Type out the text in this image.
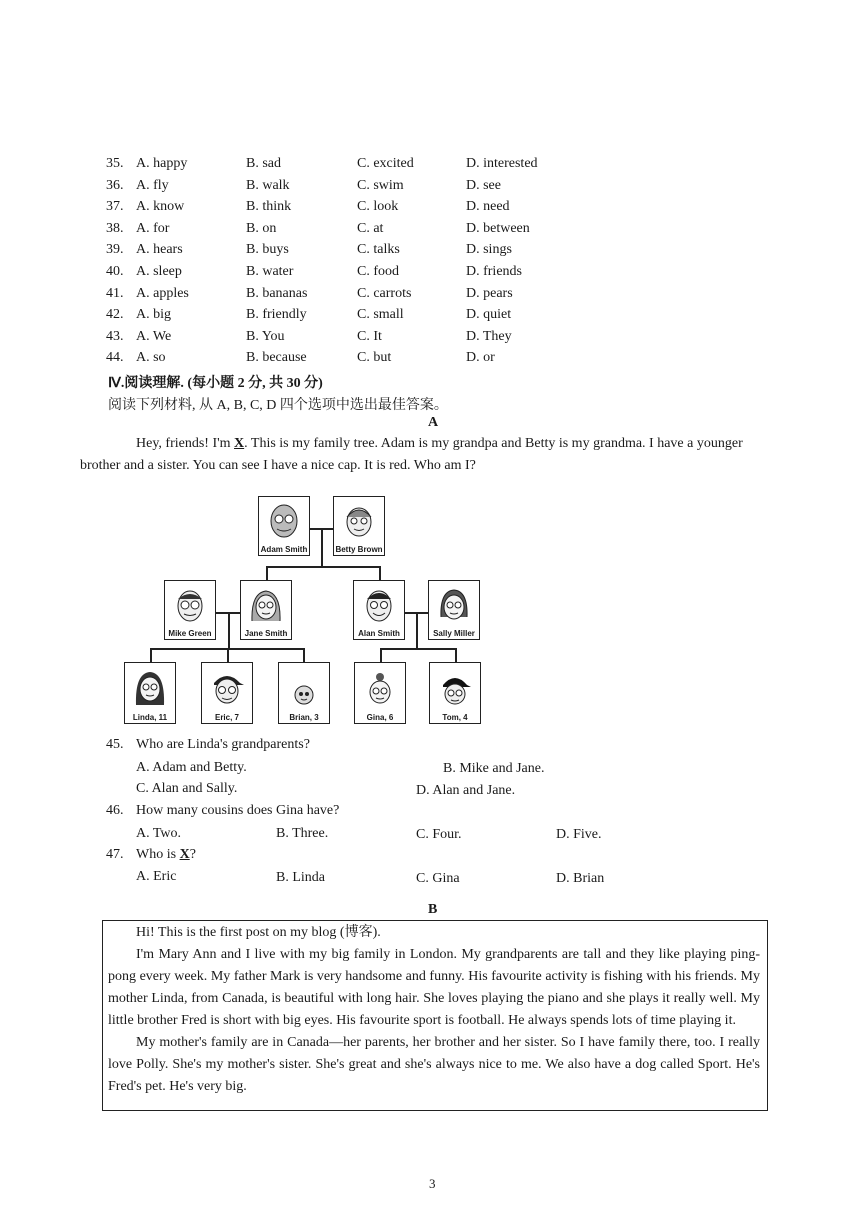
35. A. happy	B. sad	C. excited	D. interested
36. A. fly	B. walk	C. swim	D. see
37. A. know	B. think	C. look	D. need
38. A. for	B. on	C. at	D. between
39. A. hears	B. buys	C. talks	D. sings
40. A. sleep	B. water	C. food	D. friends
41. A. apples	B. bananas	C. carrots	D. pears
42. A. big	B. friendly	C. small	D. quiet
43. A. We	B. You	C. It	D. They
44. A. so	B. because	C. but	D. or
Ⅳ.阅读理解. (每小题 2 分, 共 30 分)
阅读下列材料, 从 A, B, C, D 四个选项中选出最佳答案。
A
Hey, friends! I'm X. This is my family tree. Adam is my grandpa and Betty is my grandma. I have a younger
brother and a sister. You can see I have a nice cap. It is red. Who am I?
Adam Smith	Betty Brown
Mike Green	Jane Smith	Alan Smith	Sally Miller
Linda, 11	Eric, 7	Brian, 3	Gina, 6	Tom, 4
45. Who are Linda's grandparents?
A. Adam and Betty.	B. Mike and Jane.
C. Alan and Sally.	D. Alan and Jane.
46. How many cousins does Gina have?
A. Two.	B. Three.	C. Four.	D. Five.
47. Who is X?
A. Eric	B. Linda	C. Gina	D. Brian
B
Hi! This is the first post on my blog (博客).
I'm Mary Ann and I live with my big family in London. My grandparents are tall and they like playing ping-pong every week. My father Mark is very handsome and funny. His favourite activity is fishing with his friends. My mother Linda, from Canada, is beautiful with long hair. She loves playing the piano and she plays it really well. My little brother Fred is short with big eyes. His favourite sport is football. He always spends lots of time playing it.
My mother's family are in Canada—her parents, her brother and her sister. So I have family there, too. I really love Polly. She's my mother's sister. She's great and she's always nice to me. We also have a dog called Sport. He's Fred's pet. He's very big.
3
